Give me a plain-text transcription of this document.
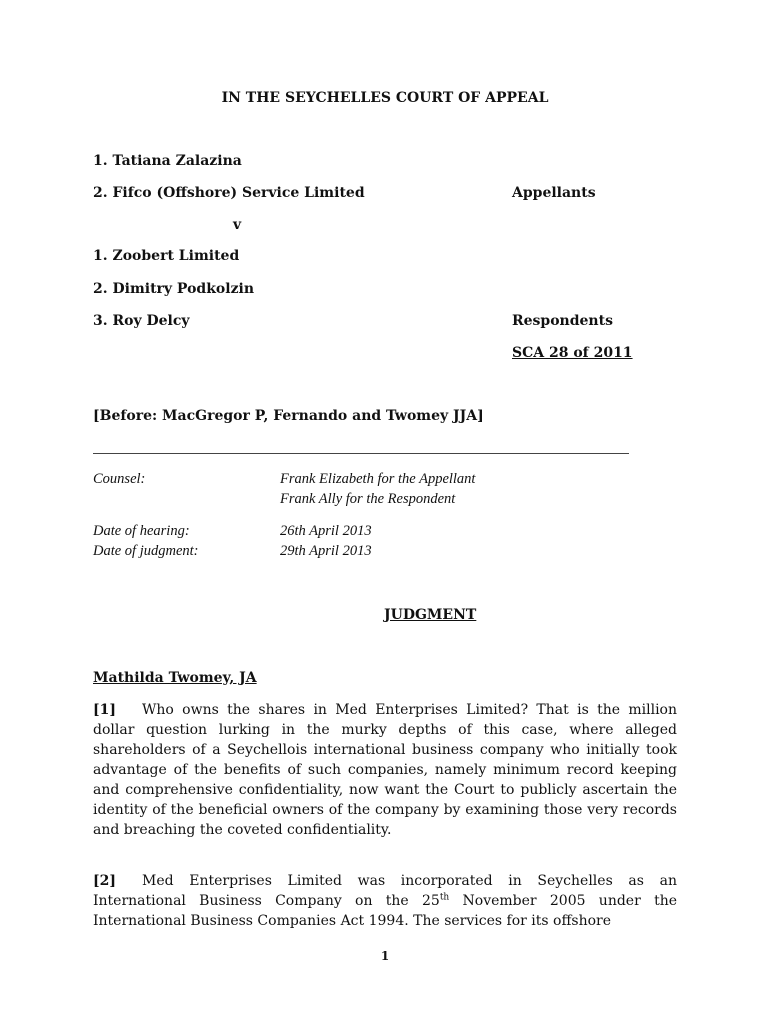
IN THE SEYCHELLES COURT OF APPEAL
1. Tatiana Zalazina
2. Fifco (Offshore) Service Limited	Appellants
v
1. Zoobert Limited
2. Dimitry Podkolzin
3. Roy Delcy	Respondents
SCA 28 of 2011
[Before: MacGregor P, Fernando and Twomey JJA]
Counsel:	Frank Elizabeth for the Appellant
Frank Ally for the Respondent
Date of hearing:	26th April 2013
Date of judgment:	29th April 2013
JUDGMENT
Mathilda Twomey, JA
[1] Who owns the shares in Med Enterprises Limited? That is the million dollar question lurking in the murky depths of this case, where alleged shareholders of a Seychellois international business company who initially took advantage of the benefits of such companies, namely minimum record keeping and comprehensive confidentiality, now want the Court to publicly ascertain the identity of the beneficial owners of the company by examining those very records and breaching the coveted confidentiality.
[2] Med Enterprises Limited was incorporated in Seychelles as an International Business Company on the 25th November 2005 under the International Business Companies Act 1994. The services for its offshore
1
